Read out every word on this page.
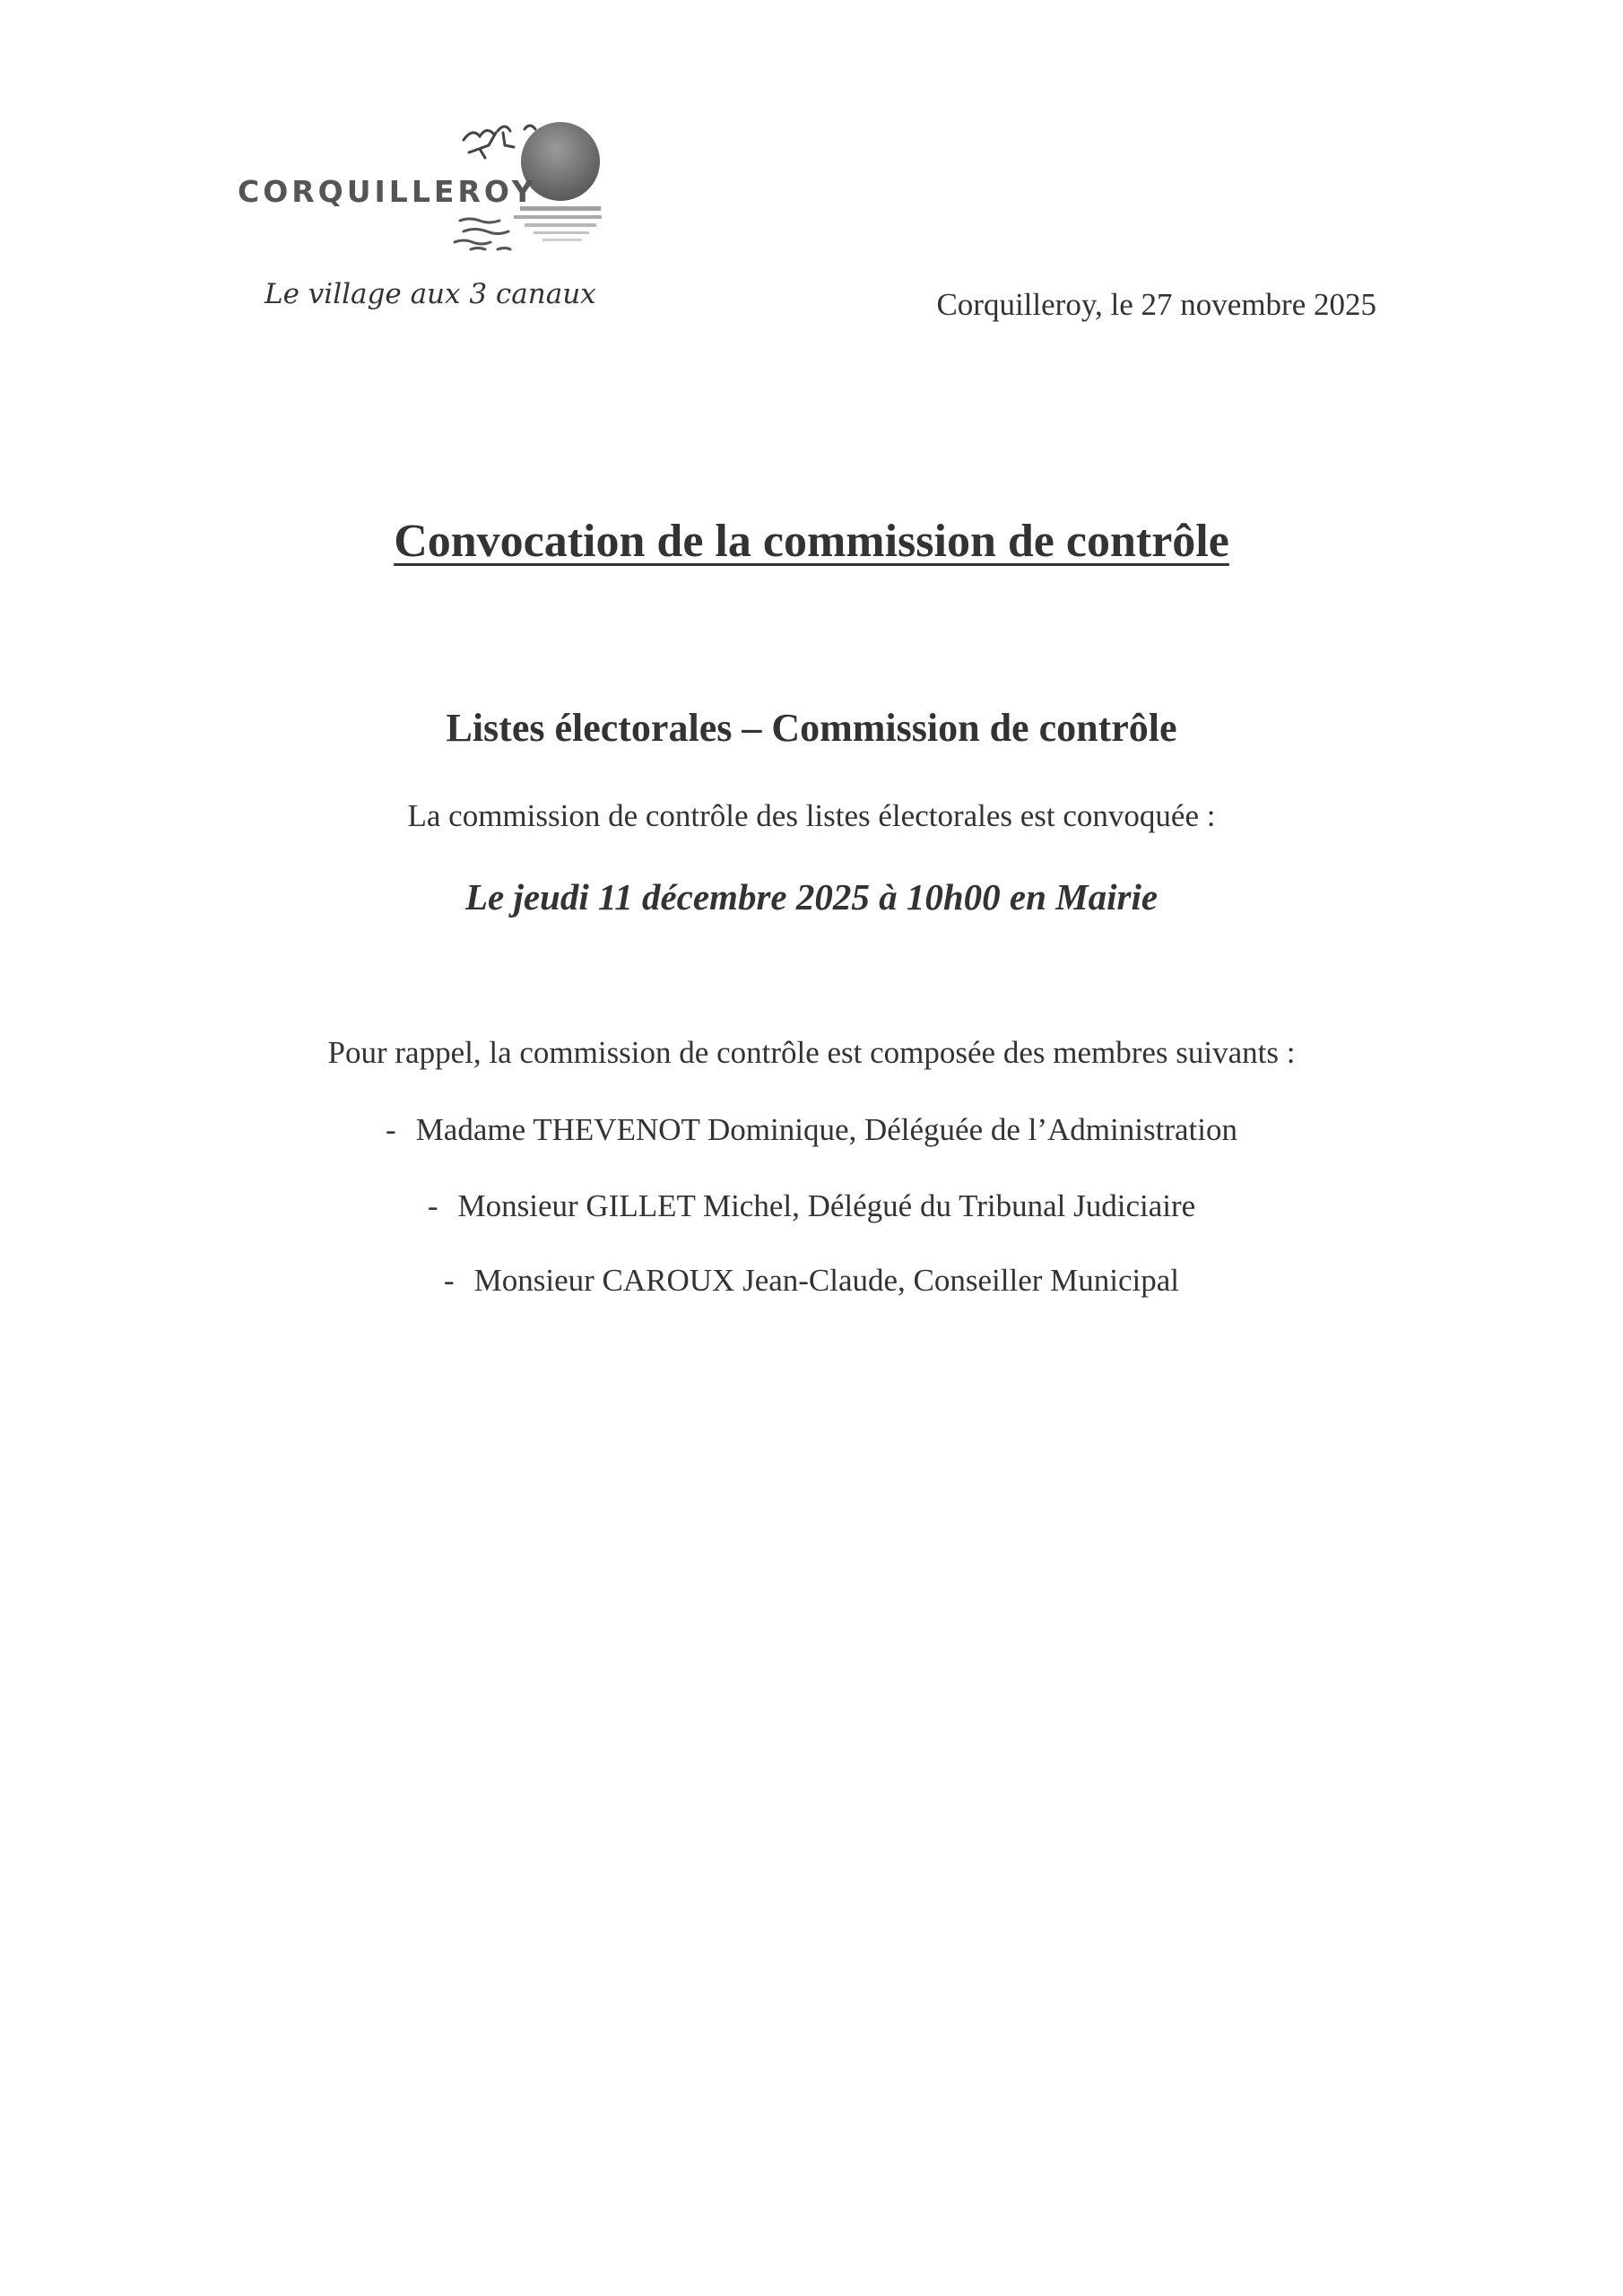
CORQUILLEROY
Le village aux 3 canaux	Corquilleroy, le 27 novembre 2025
Convocation de la commission de contrôle
Listes électorales – Commission de contrôle
La commission de contrôle des listes électorales est convoquée :
Le jeudi 11 décembre 2025 à 10h00 en Mairie
Pour rappel, la commission de contrôle est composée des membres suivants :
- Madame THEVENOT Dominique, Déléguée de l’Administration
- Monsieur GILLET Michel, Délégué du Tribunal Judiciaire
- Monsieur CAROUX Jean-Claude, Conseiller Municipal
